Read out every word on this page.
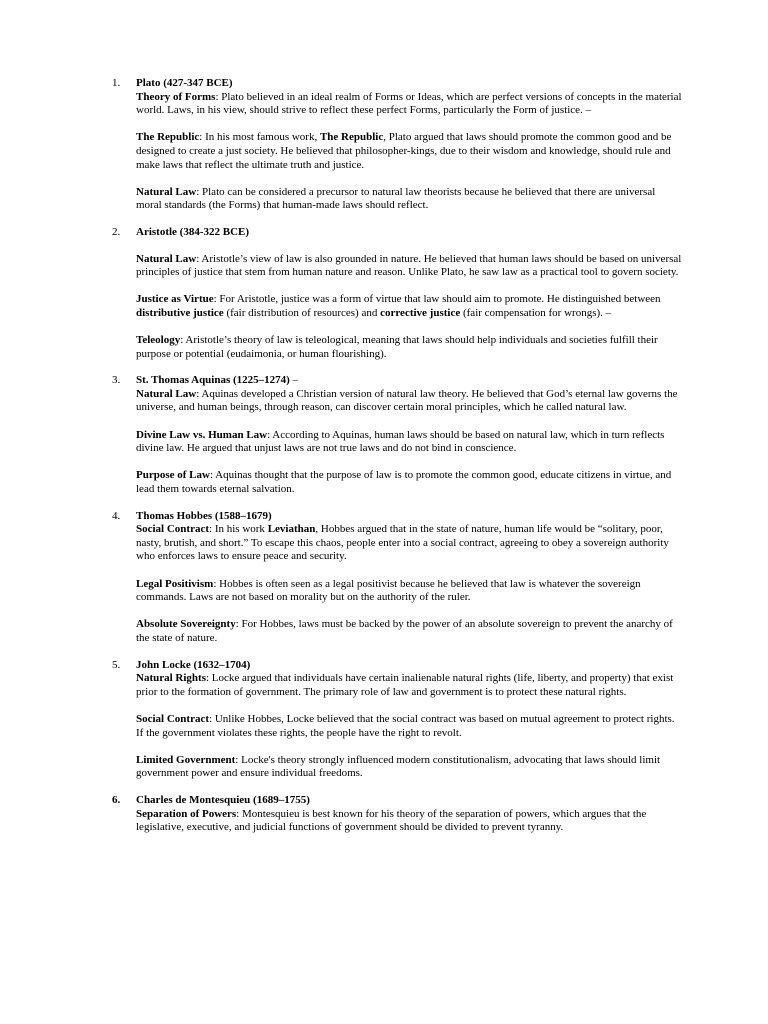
1. Plato (427-347 BCE)

Theory of Forms: Plato believed in an ideal realm of Forms or Ideas, which are perfect versions of concepts in the material world. Laws, in his view, should strive to reflect these perfect Forms, particularly the Form of justice. –

The Republic: In his most famous work, The Republic, Plato argued that laws should promote the common good and be designed to create a just society. He believed that philosopher-kings, due to their wisdom and knowledge, should rule and make laws that reflect the ultimate truth and justice.

Natural Law: Plato can be considered a precursor to natural law theorists because he believed that there are universal moral standards (the Forms) that human-made laws should reflect.

2. Aristotle (384-322 BCE)

Natural Law: Aristotle’s view of law is also grounded in nature. He believed that human laws should be based on universal principles of justice that stem from human nature and reason. Unlike Plato, he saw law as a practical tool to govern society.

Justice as Virtue: For Aristotle, justice was a form of virtue that law should aim to promote. He distinguished between distributive justice (fair distribution of resources) and corrective justice (fair compensation for wrongs). –

Teleology: Aristotle’s theory of law is teleological, meaning that laws should help individuals and societies fulfill their purpose or potential (eudaimonia, or human flourishing).

3. St. Thomas Aquinas (1225–1274) –

Natural Law: Aquinas developed a Christian version of natural law theory. He believed that God’s eternal law governs the universe, and human beings, through reason, can discover certain moral principles, which he called natural law.

Divine Law vs. Human Law: According to Aquinas, human laws should be based on natural law, which in turn reflects divine law. He argued that unjust laws are not true laws and do not bind in conscience.

Purpose of Law: Aquinas thought that the purpose of law is to promote the common good, educate citizens in virtue, and lead them towards eternal salvation.

4. Thomas Hobbes (1588–1679)

Social Contract: In his work Leviathan, Hobbes argued that in the state of nature, human life would be “solitary, poor, nasty, brutish, and short.” To escape this chaos, people enter into a social contract, agreeing to obey a sovereign authority who enforces laws to ensure peace and security.

Legal Positivism: Hobbes is often seen as a legal positivist because he believed that law is whatever the sovereign commands. Laws are not based on morality but on the authority of the ruler.

Absolute Sovereignty: For Hobbes, laws must be backed by the power of an absolute sovereign to prevent the anarchy of the state of nature.

5. John Locke (1632–1704)

Natural Rights: Locke argued that individuals have certain inalienable natural rights (life, liberty, and property) that exist prior to the formation of government. The primary role of law and government is to protect these natural rights.

Social Contract: Unlike Hobbes, Locke believed that the social contract was based on mutual agreement to protect rights. If the government violates these rights, the people have the right to revolt.

Limited Government: Locke's theory strongly influenced modern constitutionalism, advocating that laws should limit government power and ensure individual freedoms.

6. Charles de Montesquieu (1689–1755)

Separation of Powers: Montesquieu is best known for his theory of the separation of powers, which argues that the legislative, executive, and judicial functions of government should be divided to prevent tyranny.
